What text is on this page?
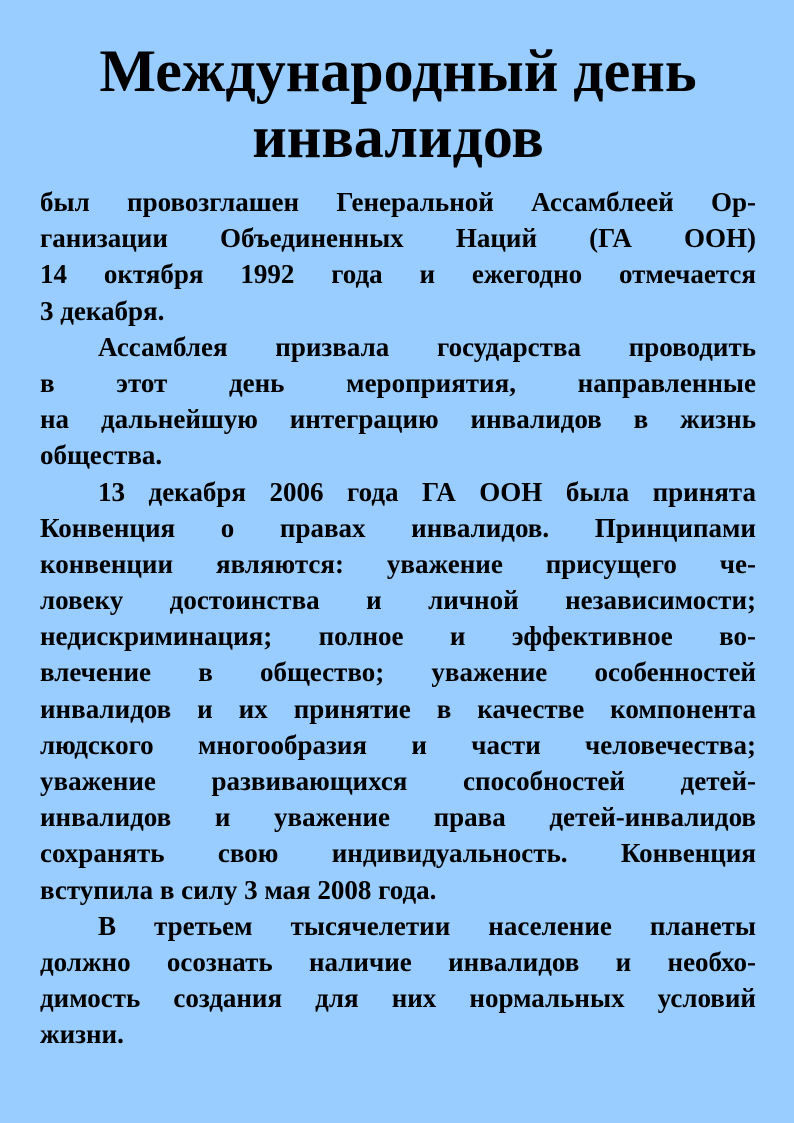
Международный день
инвалидов
был провозглашен Генеральной Ассамблеей Ор-
ганизации Объединенных Наций (ГА ООН)
14 октября 1992 года и ежегодно отмечается
3 декабря.
Ассамблея призвала государства проводить
в этот день мероприятия, направленные
на дальнейшую интеграцию инвалидов в жизнь
общества.
13 декабря 2006 года ГА ООН была принята
Конвенция о правах инвалидов. Принципами
конвенции являются: уважение присущего че-
ловеку достоинства и личной независимости;
недискриминация; полное и эффективное во-
влечение в общество; уважение особенностей
инвалидов и их принятие в качестве компонента
людского многообразия и части человечества;
уважение развивающихся способностей детей-
инвалидов и уважение права детей-инвалидов
сохранять свою индивидуальность. Конвенция
вступила в силу 3 мая 2008 года.
В третьем тысячелетии население планеты
должно осознать наличие инвалидов и необхо-
димость создания для них нормальных условий
жизни.
